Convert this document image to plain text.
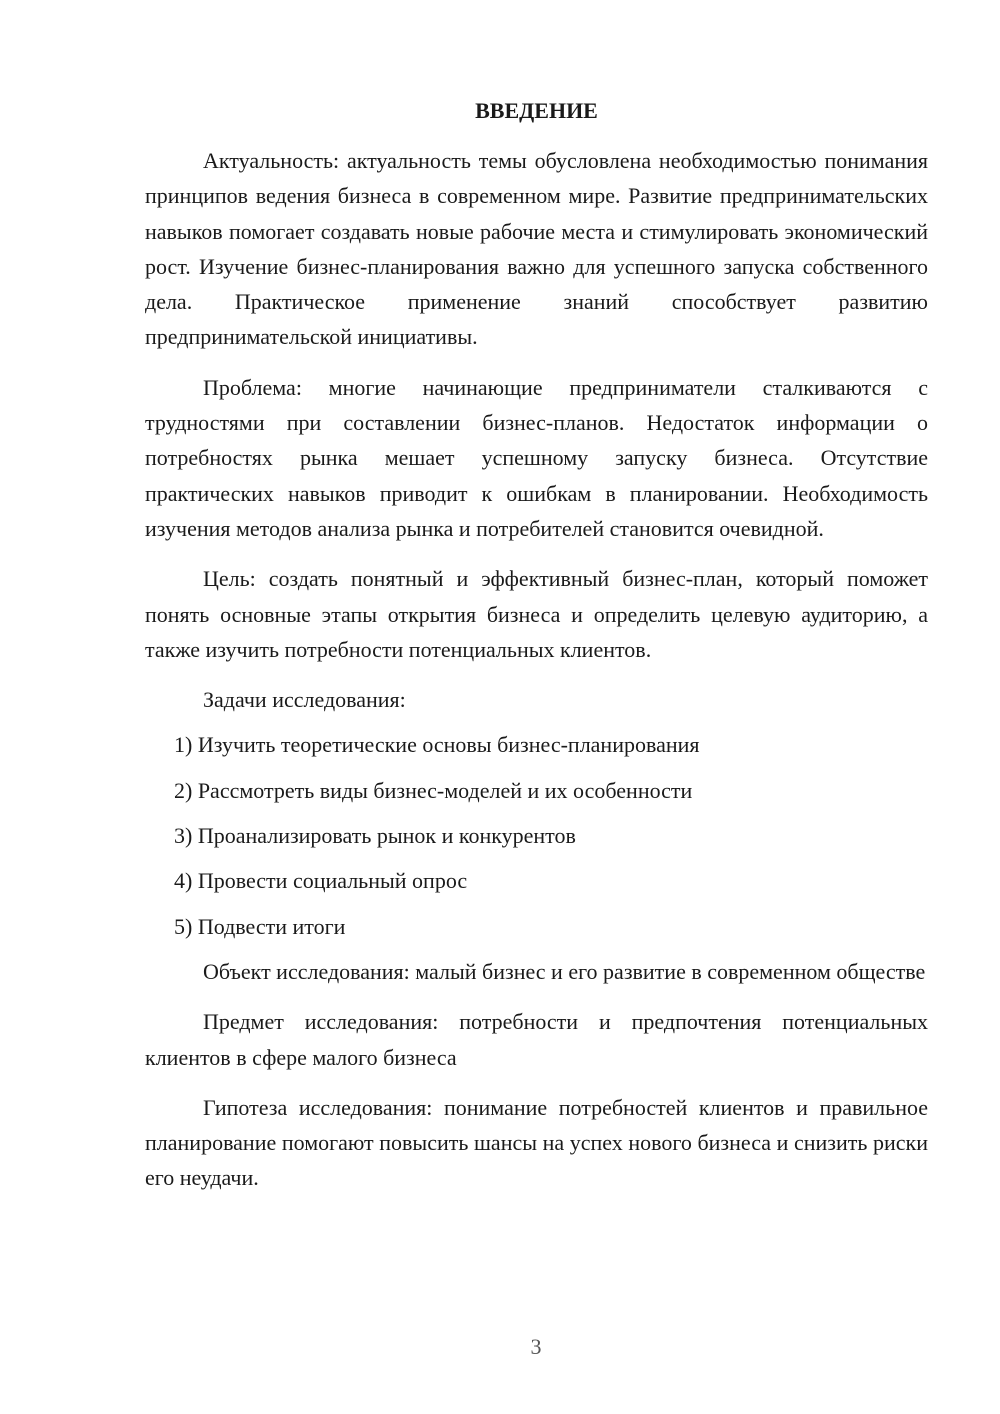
ВВЕДЕНИЕ

Актуальность: актуальность темы обусловлена необходимостью понимания принципов ведения бизнеса в современном мире. Развитие предпринимательских навыков помогает создавать новые рабочие места и стимулировать экономический рост. Изучение бизнес-планирования важно для успешного запуска собственного дела. Практическое применение знаний способствует развитию предпринимательской инициативы.

Проблема: многие начинающие предприниматели сталкиваются с трудностями при составлении бизнес-планов. Недостаток информации о потребностях рынка мешает успешному запуску бизнеса. Отсутствие практических навыков приводит к ошибкам в планировании. Необходимость изучения методов анализа рынка и потребителей становится очевидной.

Цель: создать понятный и эффективный бизнес-план, который поможет понять основные этапы открытия бизнеса и определить целевую аудиторию, а также изучить потребности потенциальных клиентов.

Задачи исследования:

1) Изучить теоретические основы бизнес-планирования
2) Рассмотреть виды бизнес-моделей и их особенности
3) Проанализировать рынок и конкурентов
4) Провести социальный опрос
5) Подвести итоги

Объект исследования: малый бизнес и его развитие в современном обществе

Предмет исследования: потребности и предпочтения потенциальных клиентов в сфере малого бизнеса

Гипотеза исследования: понимание потребностей клиентов и правильное планирование помогают повысить шансы на успех нового бизнеса и снизить риски его неудачи.

3
